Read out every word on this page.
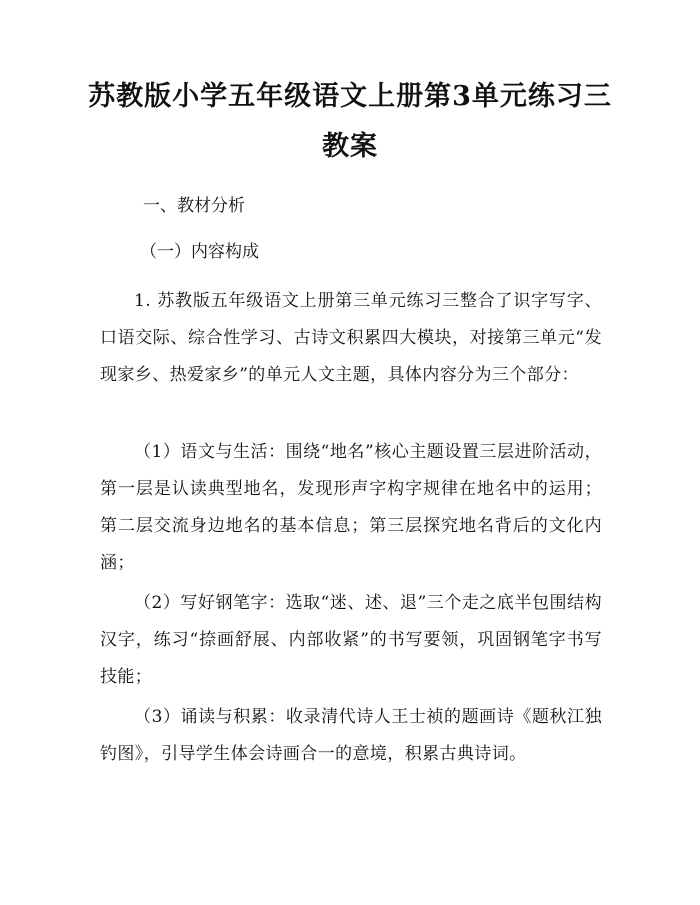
苏教版小学五年级语文上册第3单元练习三
教案
一、教材分析
（一）内容构成
1. 苏教版五年级语文上册第三单元练习三整合了识字写字、口语交际、综合性学习、古诗文积累四大模块，对接第三单元“发现家乡、热爱家乡”的单元人文主题，具体内容分为三个部分：
（1）语文与生活：围绕“地名”核心主题设置三层进阶活动，第一层是认读典型地名，发现形声字构字规律在地名中的运用；第二层交流身边地名的基本信息；第三层探究地名背后的文化内涵；
（2）写好钢笔字：选取“迷、述、退”三个走之底半包围结构汉字，练习“捺画舒展、内部收紧”的书写要领，巩固钢笔字书写技能；
（3）诵读与积累：收录清代诗人王士祯的题画诗《题秋江独钓图》，引导学生体会诗画合一的意境，积累古典诗词。
